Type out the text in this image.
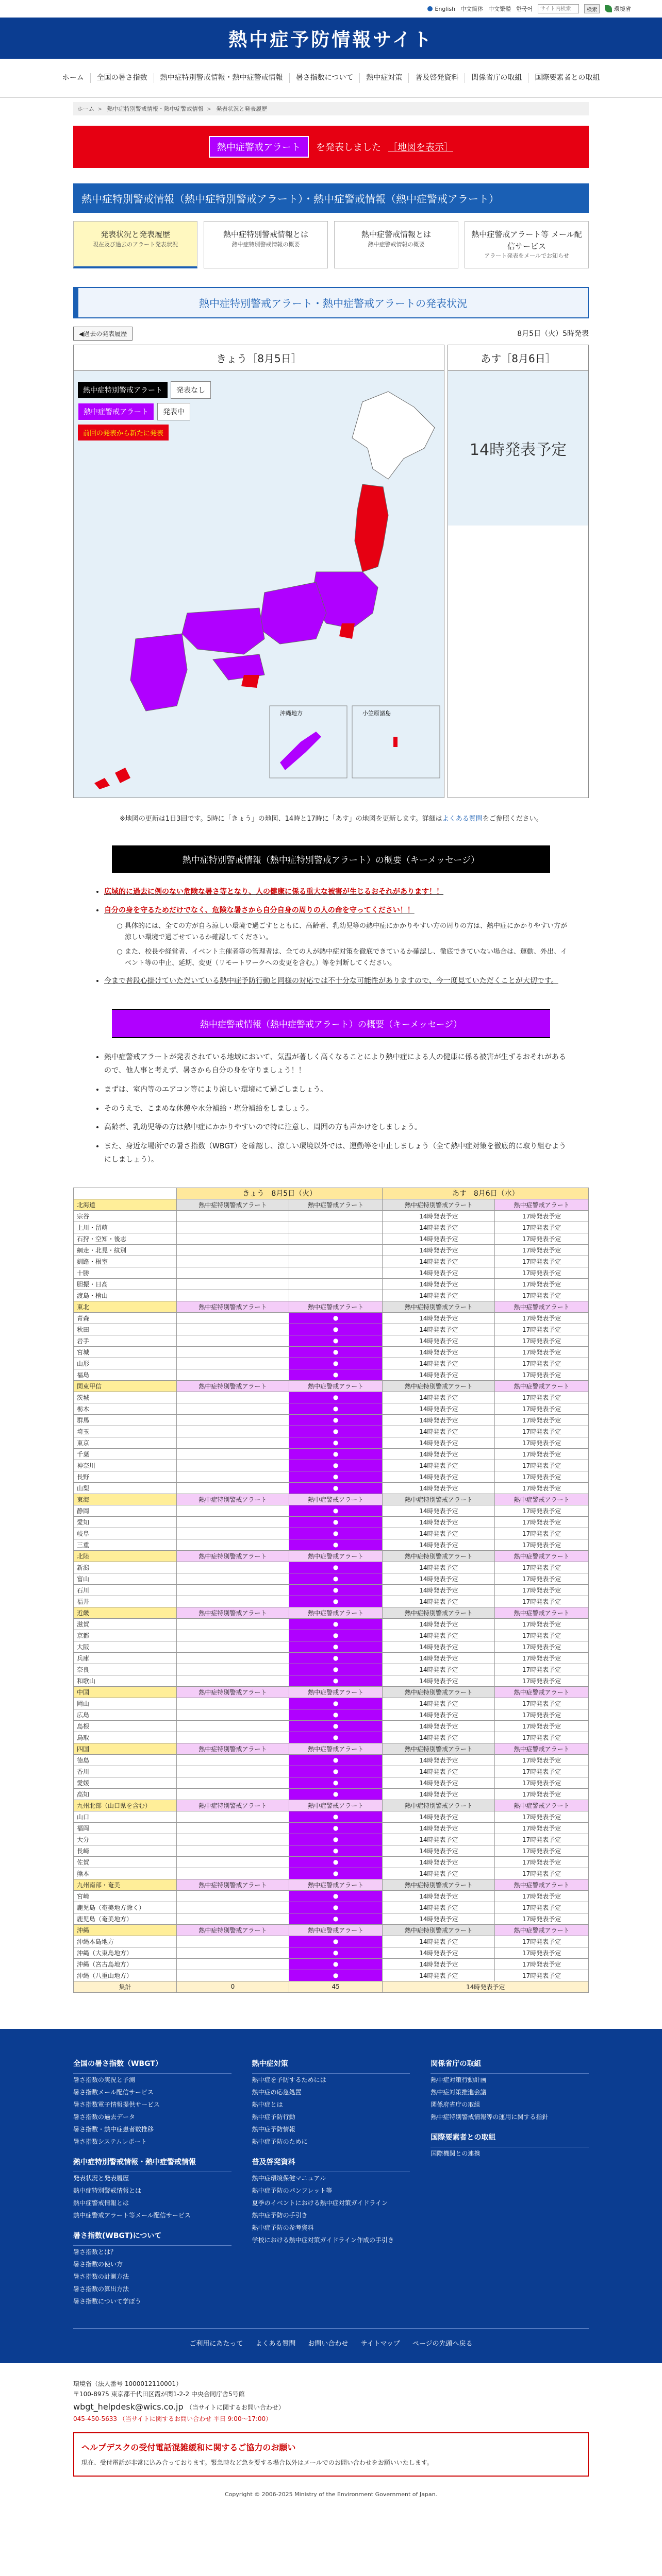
English 中文简体 中文繁體 한국어
サイト内検索	検索	環境省
熱中症予防情報サイト
ホーム	全国の暑さ指数	熱中症特別警戒情報・熱中症警戒情報	暑さ指数について	熱中症対策	普及啓発資料	関係省庁の取組	国際要素者との取組
ホーム > 熱中症特別警戒情報・熱中症警戒情報 > 発表状況と発表履歴
熱中症警戒アラート	を発表しました ［地図を表示］
熱中症特別警戒情報（熱中症特別警戒アラート）・熱中症警戒情報（熱中症警戒アラート）
発表状況と発表履歴
現在及び過去のアラート発表状況
熱中症特別警戒情報とは
熱中症特別警戒情報の概要
熱中症警戒情報とは
熱中症警戒情報の概要
熱中症警戒アラート等 メール配信サービス
アラート発表をメールでお知らせ
熱中症特別警戒アラート・熱中症警戒アラートの発表状況
◀過去の発表履歴	8月5日（火）5時発表
きょう［8月5日］
熱中症特別警戒アラート	発表なし
熱中症警戒アラート	発表中
前回の発表から新たに発表
沖縄地方	小笠原諸島
あす［8月6日］
14時発表予定

※地図の更新は1日3回です。5時に「きょう」の地図、14時と17時に「あす」の地図を更新します。詳細はよくある質問をご参照ください。

熱中症特別警戒情報（熱中症特別警戒アラート）の概要（キーメッセージ）
• 広域的に過去に例のない危険な暑さ等となり、人の健康に係る重大な被害が生じるおそれがあります！！
• 自分の身を守るためだけでなく、危険な暑さから自分自身の周りの人の命を守ってください！！
○ 具体的には、全ての方が自ら涼しい環境で過ごすとともに、高齢者、乳幼児等の熱中症にかかりやすい方の周りの方は、熱中症にかかりやすい方が涼しい環境で過ごせているか確認してください。
○ また、校長や経営者、イベント主催者等の管理者は、全ての人が熱中症対策を徹底できているか確認し、徹底できていない場合は、運動、外出、イベント等の中止、延期、変更（リモートワークへの変更を含む。）等を判断してください。
• 今まで普段心掛けていただいている熱中症予防行動と同様の対応では不十分な可能性がありますので、今一度見ていただくことが大切です。
熱中症警戒情報（熱中症警戒アラート）の概要（キーメッセージ）
• 熱中症警戒アラートが発表されている地域において、気温が著しく高くなることにより熱中症による人の健康に係る被害が生ずるおそれがあるので、他人事と考えず、暑さから自分の身を守りましょう！！
• まずは、室内等のエアコン等により涼しい環境にて過ごしましょう。
• そのうえで、こまめな休憩や水分補給・塩分補給をしましょう。
• 高齢者、乳幼児等の方は熱中症にかかりやすいので特に注意し、周囲の方も声かけをしましょう。
• また、身近な場所での暑さ指数（WBGT）を確認し、涼しい環境以外では、運動等を中止しましょう（全て熱中症対策を徹底的に取り組むようにしましょう）。
	きょう　8月5日（火）		あす　8月6日（水）	
北海道	熱中症特別警戒アラート	熱中症警戒アラート	熱中症特別警戒アラート	熱中症警戒アラート
宗谷			14時発表予定	17時発表予定
上川・留萌			14時発表予定	17時発表予定
石狩・空知・後志			14時発表予定	17時発表予定
網走・北見・紋別			14時発表予定	17時発表予定
釧路・根室			14時発表予定	17時発表予定
十勝			14時発表予定	17時発表予定
胆振・日高			14時発表予定	17時発表予定
渡島・檜山			14時発表予定	17時発表予定
東北	熱中症特別警戒アラート	熱中症警戒アラート	熱中症特別警戒アラート	熱中症警戒アラート
青森		●	14時発表予定	17時発表予定
秋田		●	14時発表予定	17時発表予定
岩手		●	14時発表予定	17時発表予定
宮城		●	14時発表予定	17時発表予定
山形		●	14時発表予定	17時発表予定
福島		●	14時発表予定	17時発表予定
関東甲信	熱中症特別警戒アラート	熱中症警戒アラート	熱中症特別警戒アラート	熱中症警戒アラート
茨城		●	14時発表予定	17時発表予定
栃木		●	14時発表予定	17時発表予定
群馬		●	14時発表予定	17時発表予定
埼玉		●	14時発表予定	17時発表予定
東京		●	14時発表予定	17時発表予定
千葉		●	14時発表予定	17時発表予定
神奈川		●	14時発表予定	17時発表予定
長野		●	14時発表予定	17時発表予定
山梨		●	14時発表予定	17時発表予定
東海	熱中症特別警戒アラート	熱中症警戒アラート	熱中症特別警戒アラート	熱中症警戒アラート
静岡		●	14時発表予定	17時発表予定
愛知		●	14時発表予定	17時発表予定
岐阜		●	14時発表予定	17時発表予定
三重		●	14時発表予定	17時発表予定
北陸	熱中症特別警戒アラート	熱中症警戒アラート	熱中症特別警戒アラート	熱中症警戒アラート
新潟		●	14時発表予定	17時発表予定
富山		●	14時発表予定	17時発表予定
石川		●	14時発表予定	17時発表予定
福井		●	14時発表予定	17時発表予定
近畿	熱中症特別警戒アラート	熱中症警戒アラート	熱中症特別警戒アラート	熱中症警戒アラート
滋賀		●	14時発表予定	17時発表予定
京都		●	14時発表予定	17時発表予定
大阪		●	14時発表予定	17時発表予定
兵庫		●	14時発表予定	17時発表予定
奈良		●	14時発表予定	17時発表予定
和歌山		●	14時発表予定	17時発表予定
中国	熱中症特別警戒アラート	熱中症警戒アラート	熱中症特別警戒アラート	熱中症警戒アラート
岡山		●	14時発表予定	17時発表予定
広島		●	14時発表予定	17時発表予定
島根		●	14時発表予定	17時発表予定
鳥取		●	14時発表予定	17時発表予定
四国	熱中症特別警戒アラート	熱中症警戒アラート	熱中症特別警戒アラート	熱中症警戒アラート
徳島		●	14時発表予定	17時発表予定
香川		●	14時発表予定	17時発表予定
愛媛		●	14時発表予定	17時発表予定
高知		●	14時発表予定	17時発表予定
九州北部（山口県を含む）	熱中症特別警戒アラート	熱中症警戒アラート	熱中症特別警戒アラート	熱中症警戒アラート
山口		●	14時発表予定	17時発表予定
福岡		●	14時発表予定	17時発表予定
大分		●	14時発表予定	17時発表予定
長崎		●	14時発表予定	17時発表予定
佐賀		●	14時発表予定	17時発表予定
熊本		●	14時発表予定	17時発表予定
九州南部・奄美	熱中症特別警戒アラート	熱中症警戒アラート	熱中症特別警戒アラート	熱中症警戒アラート
宮崎		●	14時発表予定	17時発表予定
鹿児島（奄美地方除く）		●	14時発表予定	17時発表予定
鹿児島（奄美地方）		●	14時発表予定	17時発表予定
沖縄	熱中症特別警戒アラート	熱中症警戒アラート	熱中症特別警戒アラート	熱中症警戒アラート
沖縄本島地方		●	14時発表予定	17時発表予定
沖縄（大東島地方）		●	14時発表予定	17時発表予定
沖縄（宮古島地方）		●	14時発表予定	17時発表予定
沖縄（八重山地方）		●	14時発表予定	17時発表予定
集計	0	45	14時発表予定	
全国の暑さ指数（WBGT）
暑さ指数の実況と予測
暑さ指数メール配信サービス
暑さ指数電子情報提供サービス
暑さ指数の過去データ
暑さ指数・熱中症患者数推移
暑さ指数システムレポート
熱中症特別警戒情報・熱中症警戒情報
発表状況と発表履歴
熱中症特別警戒情報とは
熱中症警戒情報とは
熱中症警戒アラート等メール配信サービス
暑さ指数(WBGT)について
暑さ指数とは？
暑さ指数の使い方
暑さ指数の計測方法
暑さ指数の算出方法
暑さ指数について学ぼう
熱中症対策
熱中症を予防するためには
熱中症の応急処置
熱中症とは
熱中症予防行動
熱中症予防情報
熱中症予防のために
普及啓発資料
熱中症環境保健マニュアル
熱中症予防のパンフレット等
夏季のイベントにおける熱中症対策ガイドライン
熱中症予防の手引き
熱中症予防の参考資料
学校における熱中症対策ガイドライン作成の手引き
関係省庁の取組
熱中症対策行動計画
熱中症対策推進会議
関係府省庁の取組
熱中症特別警戒情報等の運用に関する指針
国際要素者との取組
国際機関との連携
ご利用にあたって よくある質問 お問い合わせ サイトマップ ページの先頭へ戻る
環境省（法人番号 1000012110001）
〒100-8975 東京都千代田区霞が関1-2-2 中央合同庁舎5号館
wbgt_helpdesk@wics.co.jp （当サイトに関するお問い合わせ）
045-450-5633 （当サイトに関するお問い合わせ 平日 9:00〜17:00）
ヘルプデスクの受付電話混雑緩和に関するご協力のお願い

現在、受付電話が非常に込み合っております。緊急時など急を要する場合以外はメールでのお問い合わせをお願いいたします。

Copyright © 2006-2025 Ministry of the Environment Government of Japan.
